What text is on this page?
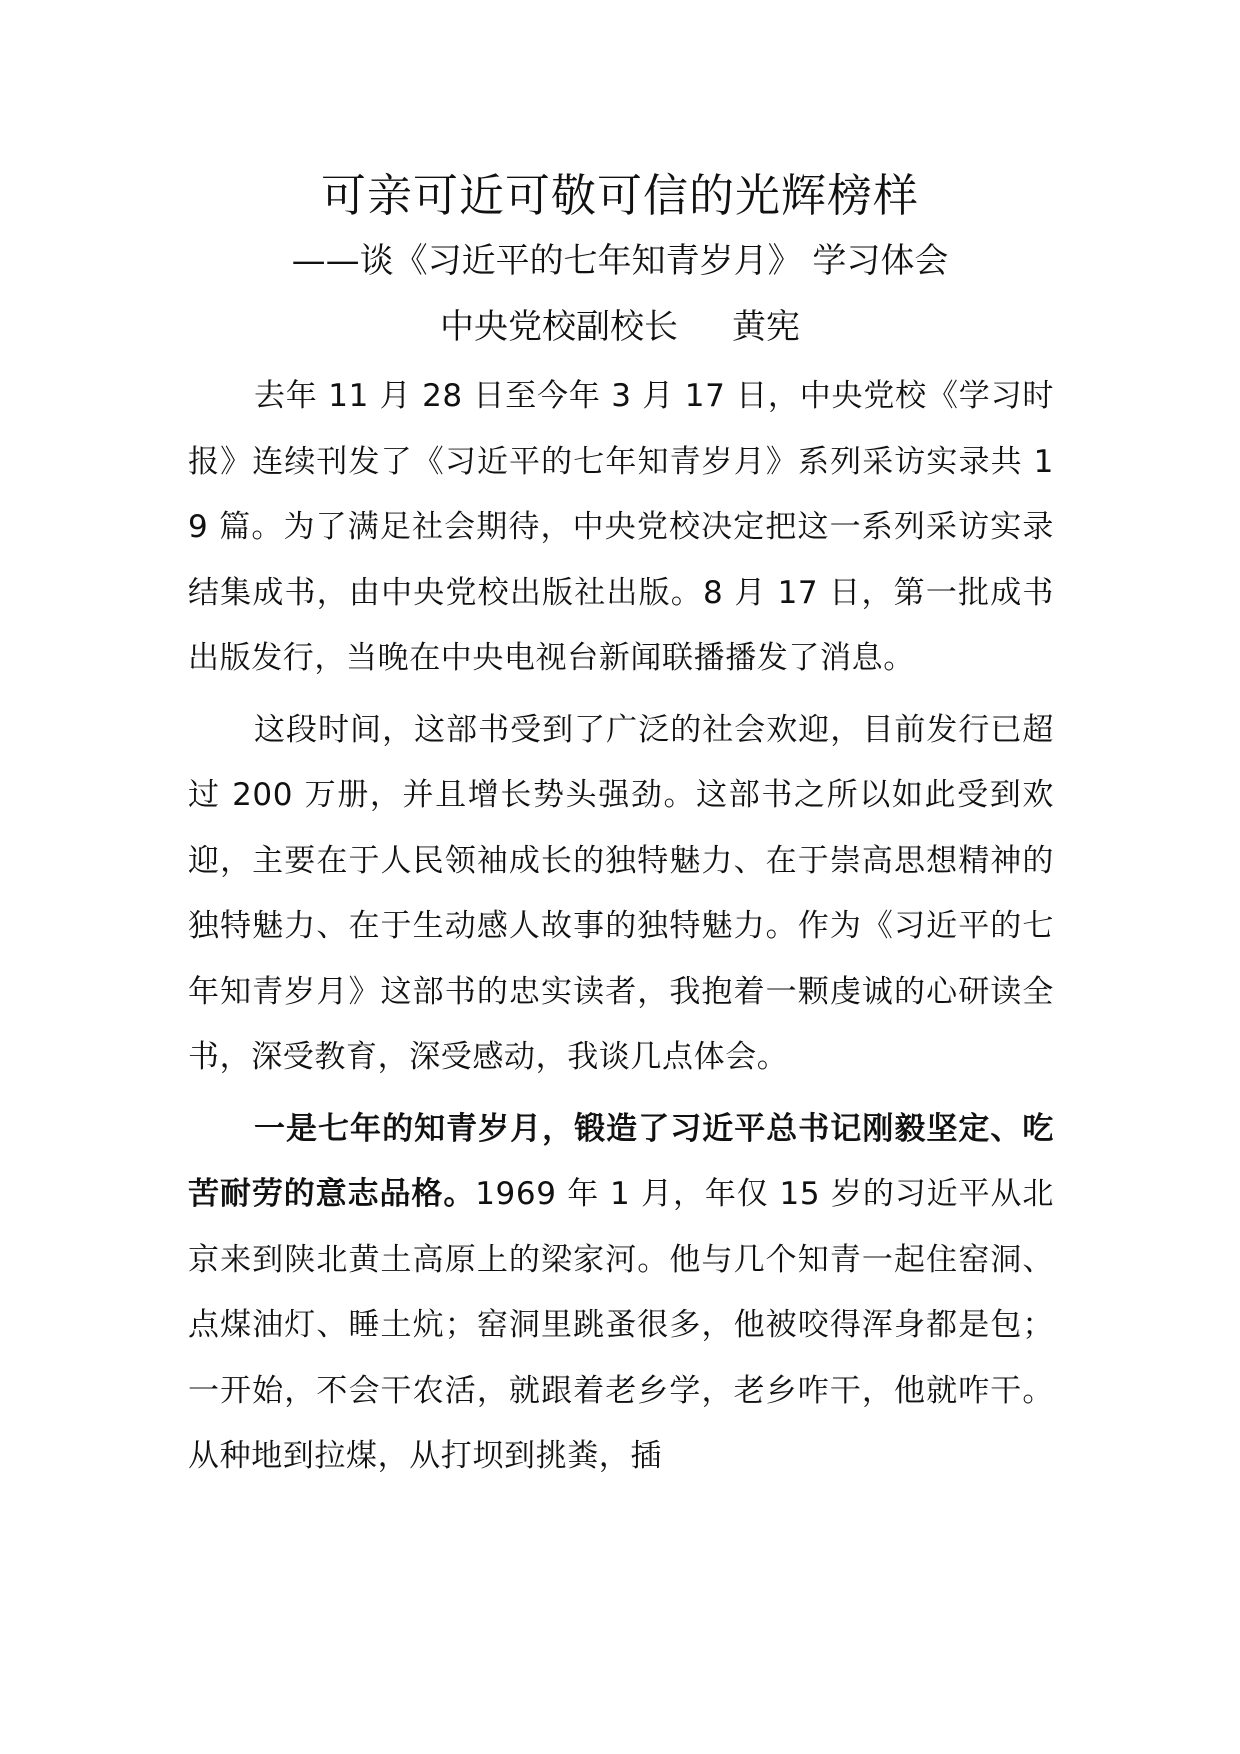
可亲可近可敬可信的光辉榜样
——谈《习近平的七年知青岁月》 学习体会
中央党校副校长     黄宪

去年 11 月 28 日至今年 3 月 17 日，中央党校《学习时报》连续刊发了《习近平的七年知青岁月》系列采访实录共 19 篇。为了满足社会期待，中央党校决定把这一系列采访实录结集成书，由中央党校出版社出版。8 月 17 日，第一批成书出版发行，当晚在中央电视台新闻联播播发了消息。

这段时间，这部书受到了广泛的社会欢迎，目前发行已超过 200 万册，并且增长势头强劲。这部书之所以如此受到欢迎，主要在于人民领袖成长的独特魅力、在于崇高思想精神的独特魅力、在于生动感人故事的独特魅力。作为《习近平的七年知青岁月》这部书的忠实读者，我抱着一颗虔诚的心研读全书，深受教育，深受感动，我谈几点体会。

一是七年的知青岁月，锻造了习近平总书记刚毅坚定、吃苦耐劳的意志品格。1969 年 1 月，年仅 15 岁的习近平从北京来到陕北黄土高原上的梁家河。他与几个知青一起住窑洞、点煤油灯、睡土炕；窑洞里跳蚤很多，他被咬得浑身都是包；一开始，不会干农活，就跟着老乡学，老乡咋干，他就咋干。从种地到拉煤，从打坝到挑粪，插
